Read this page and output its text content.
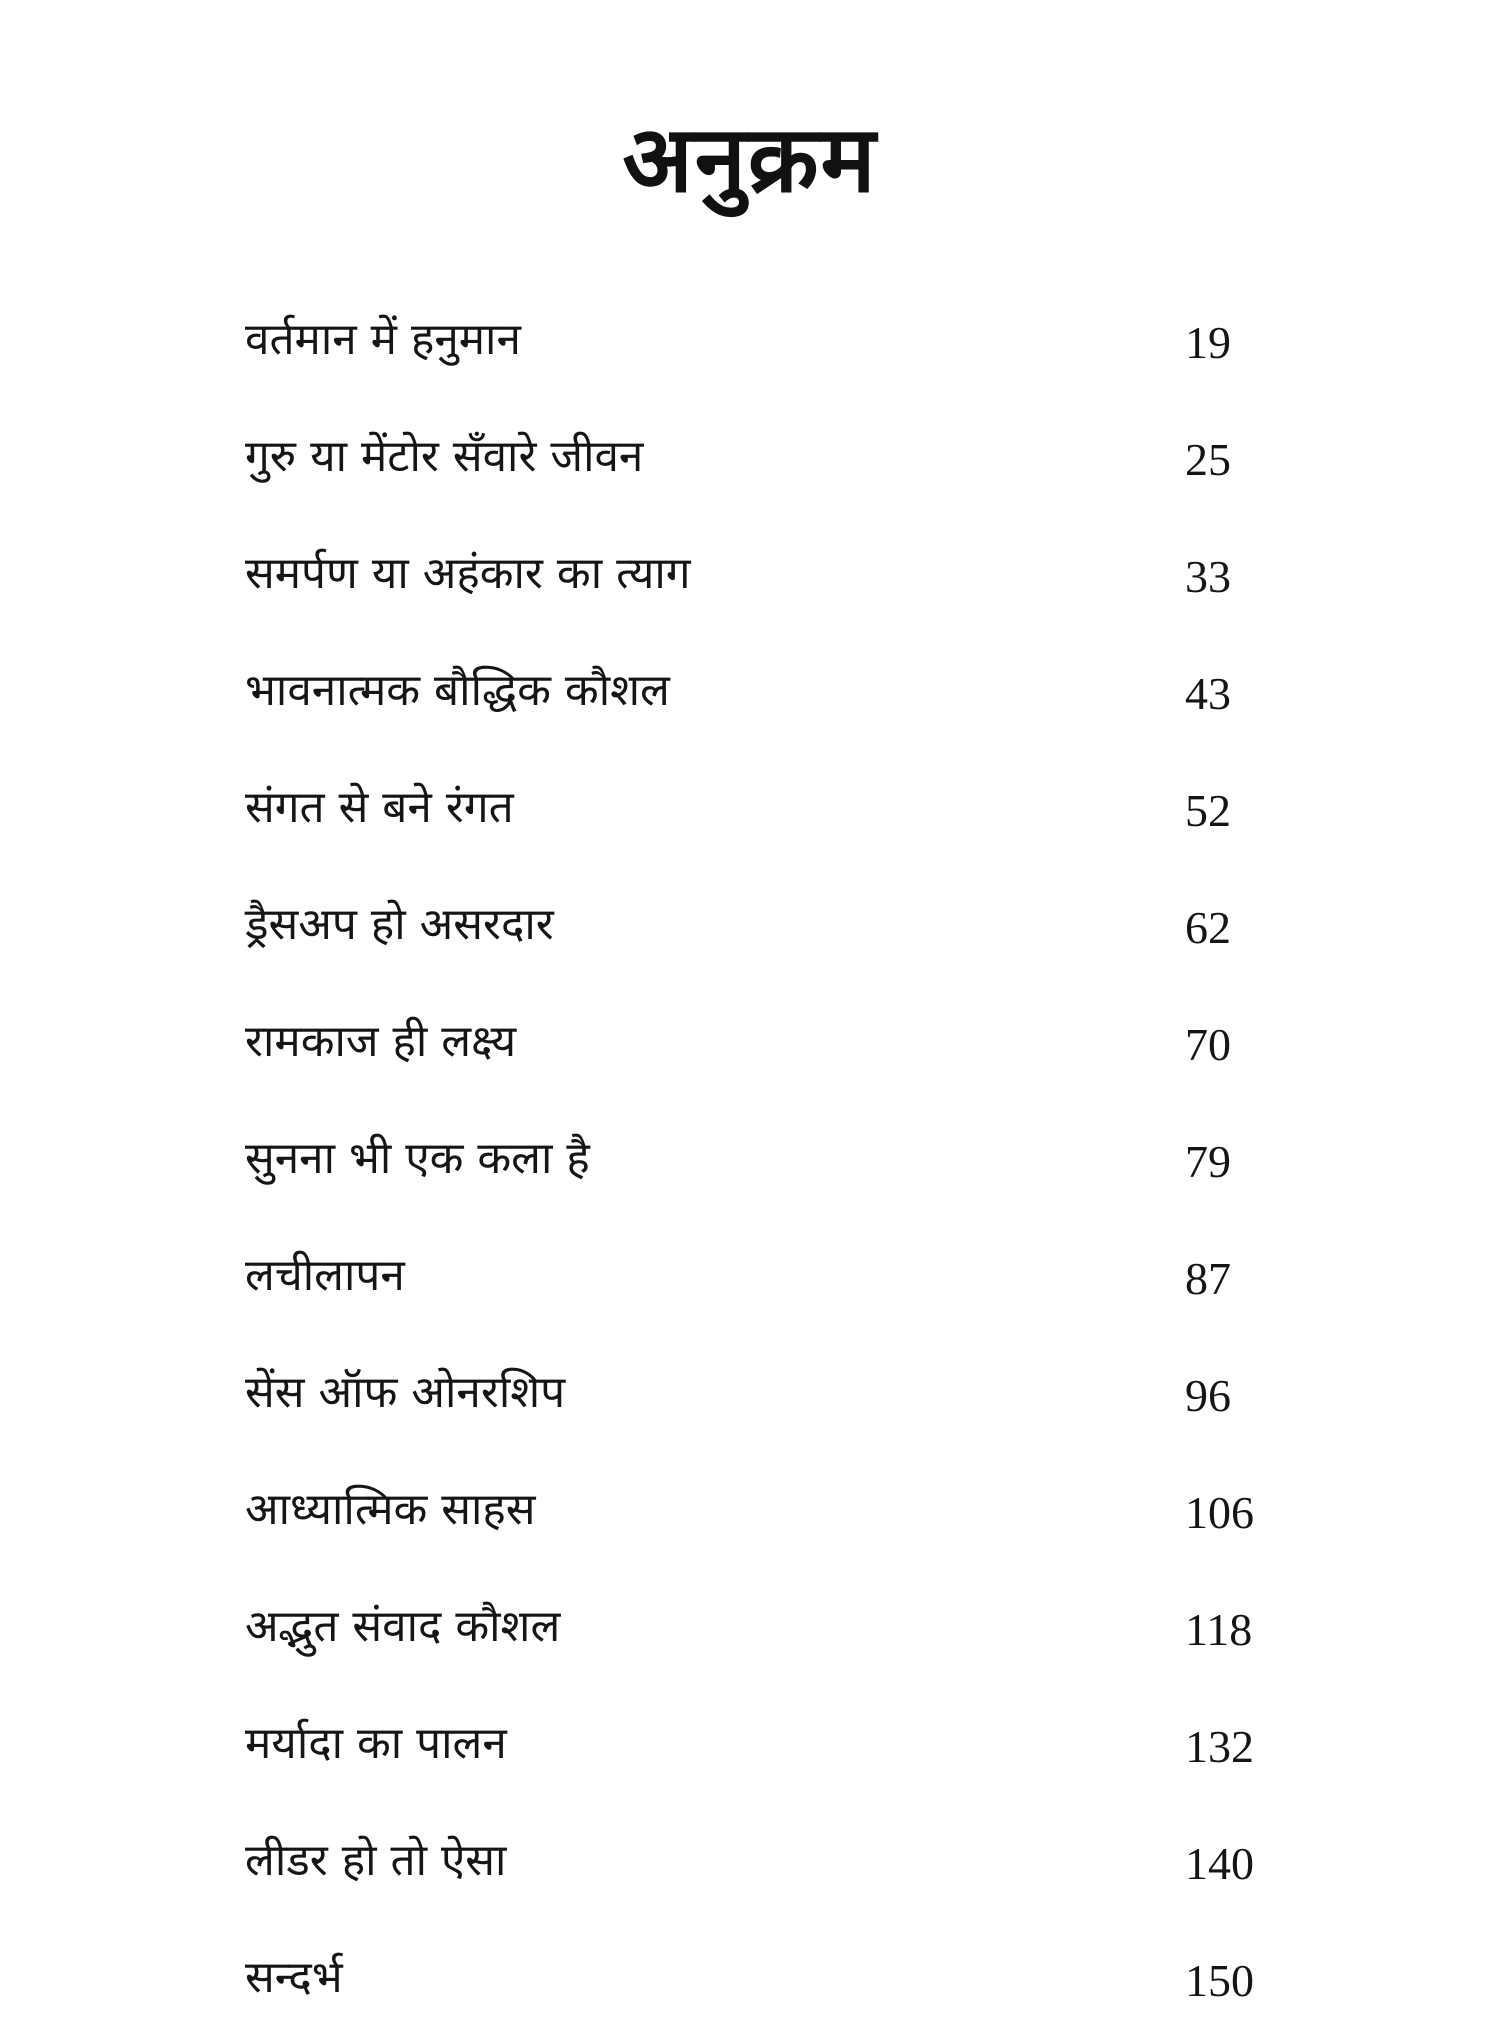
अनुक्रम
वर्तमान में हनुमान	19
गुरु या मेंटोर सँवारे जीवन	25
समर्पण या अहंकार का त्याग	33
भावनात्मक बौद्धिक कौशल	43
संगत से बने रंगत	52
ड्रैसअप हो असरदार	62
रामकाज ही लक्ष्य	70
सुनना भी एक कला है	79
लचीलापन	87
सेंस ऑफ ओनरशिप	96
आध्यात्मिक साहस	106
अद्भुत संवाद कौशल	118
मर्यादा का पालन	132
लीडर हो तो ऐसा	140
सन्दर्भ	150
